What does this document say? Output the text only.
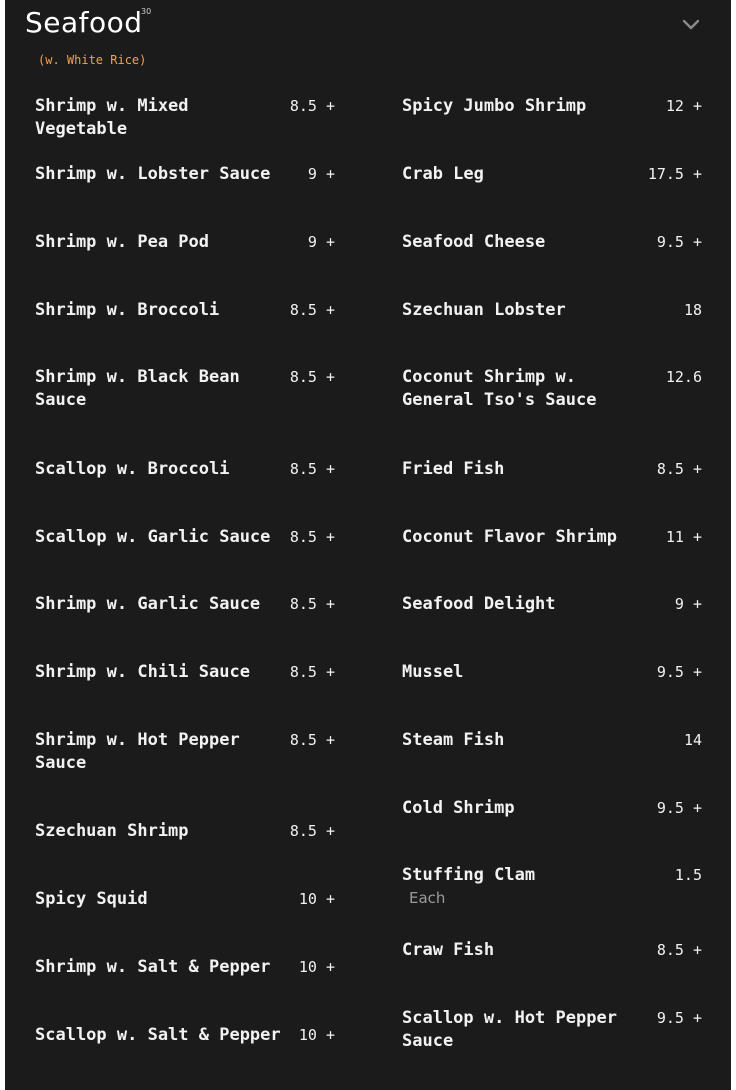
Seafood
30
(w. White Rice)
Shrimp w. Mixed Vegetable
8.5 +
Shrimp w. Lobster Sauce	9 +
Shrimp w. Pea Pod	9 +
Shrimp w. Broccoli	8.5 +
Shrimp w. Black Bean Sauce
8.5 +
Scallop w. Broccoli	8.5 +
Scallop w. Garlic Sauce	8.5 +
Shrimp w. Garlic Sauce	8.5 +
Shrimp w. Chili Sauce	8.5 +
Shrimp w. Hot Pepper Sauce
8.5 +
Szechuan Shrimp	8.5 +
Spicy Squid	10 +
Shrimp w. Salt & Pepper	10 +
Scallop w. Salt & Pepper 10 +
Spicy Jumbo Shrimp	12 +
Crab Leg	17.5 +
Seafood Cheese	9.5 +
Szechuan Lobster	18
Coconut Shrimp w. General Tso's Sauce
12.6
Fried Fish	8.5 +
Coconut Flavor Shrimp	11 +
Seafood Delight	9 +
Mussel	9.5 +
Steam Fish	14
Cold Shrimp	9.5 +
Stuffing Clam	1.5
Each
Craw Fish	8.5 +
Scallop w. Hot Pepper Sauce
9.5 +
